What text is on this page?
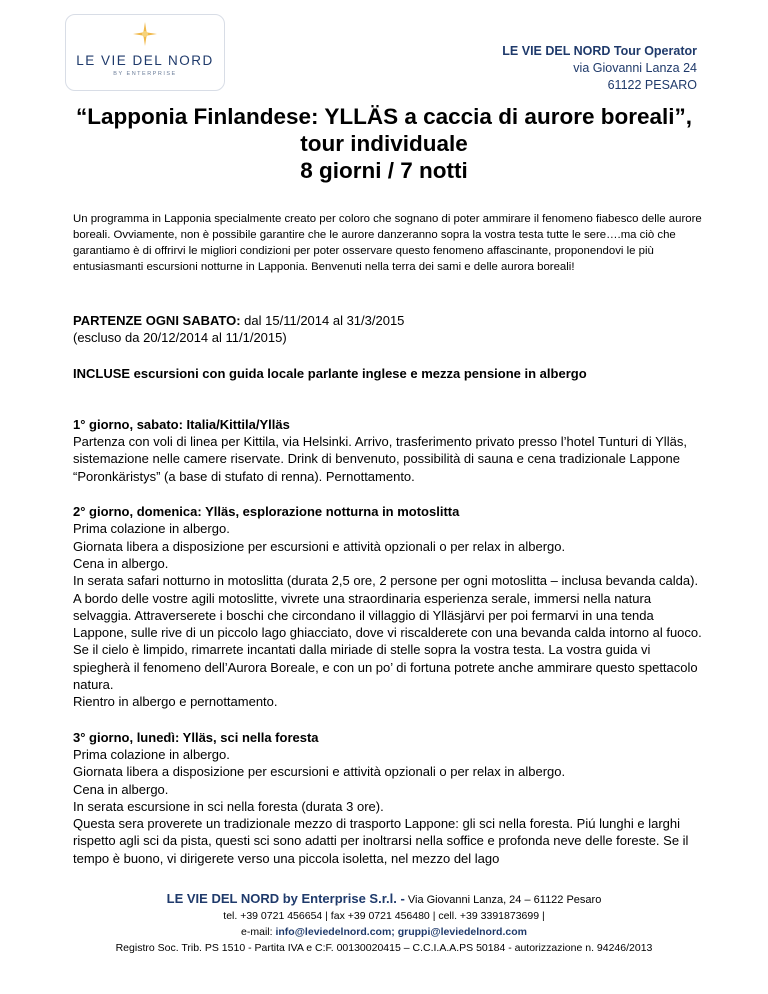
LE VIE DEL NORD
BY ENTERPRISE
LE VIE DEL NORD Tour Operator
via Giovanni Lanza 24
61122 PESARO
“Lapponia Finlandese: YLLÄS a caccia di aurore boreali”,
tour individuale
8 giorni / 7 notti

Un programma in Lapponia specialmente creato per coloro che sognano di poter ammirare il fenomeno fiabesco delle aurore boreali. Ovviamente, non è possibile garantire che le aurore danzeranno sopra la vostra testa tutte le sere….ma ciò che garantiamo è di offrirvi le migliori condizioni per poter osservare questo fenomeno affascinante, proponendovi le più entusiasmanti escursioni notturne in Lapponia. Benvenuti nella terra dei sami e delle aurora boreali!

PARTENZE OGNI SABATO: dal 15/11/2014 al 31/3/2015

(escluso da 20/12/2014 al 11/1/2015)

INCLUSE escursioni con guida locale parlante inglese e mezza pensione in albergo

1° giorno, sabato: Italia/Kittila/Ylläs

Partenza con voli di linea per Kittila, via Helsinki. Arrivo, trasferimento privato presso l’hotel Tunturi di Ylläs, sistemazione nelle camere riservate. Drink di benvenuto, possibilità di sauna e cena tradizionale Lappone “Poronkäristys” (a base di stufato di renna). Pernottamento.

2° giorno, domenica: Ylläs, esplorazione notturna in motoslitta

Prima colazione in albergo.

Giornata libera a disposizione per escursioni e attività opzionali o per relax in albergo.

Cena in albergo.

In serata safari notturno in motoslitta (durata 2,5 ore, 2 persone per ogni motoslitta – inclusa bevanda calda). A bordo delle vostre agili motoslitte, vivrete una straordinaria esperienza serale, immersi nella natura selvaggia. Attraverserete i boschi che circondano il villaggio di Ylläsjärvi per poi fermarvi in una tenda Lappone, sulle rive di un piccolo lago ghiacciato, dove vi riscalderete con una bevanda calda intorno al fuoco. Se il cielo è limpido, rimarrete incantati dalla miriade di stelle sopra la vostra testa. La vostra guida vi spiegherà il fenomeno dell’Aurora Boreale, e con un po’ di fortuna potrete anche ammirare questo spettacolo natura.

Rientro in albergo e pernottamento.

3° giorno, lunedì: Ylläs, sci nella foresta

Prima colazione in albergo.

Giornata libera a disposizione per escursioni e attività opzionali o per relax in albergo.

Cena in albergo.

In serata escursione in sci nella foresta (durata 3 ore).

Questa sera proverete un tradizionale mezzo di trasporto Lappone: gli sci nella foresta. Piú lunghi e larghi rispetto agli sci da pista, questi sci sono adatti per inoltrarsi nella soffice e profonda neve delle foreste. Se il tempo è buono, vi dirigerete verso una piccola isoletta, nel mezzo del lago

LE VIE DEL NORD by Enterprise S.r.l. - Via Giovanni Lanza, 24 – 61122 Pesaro
tel. +39 0721 456654 | fax +39 0721 456480 | cell. +39 3391873699 |
e-mail: info@leviedelnord.com; gruppi@leviedelnord.com
Registro Soc. Trib. PS 1510 - Partita IVA e C:F. 00130020415 – C.C.I.A.A.PS 50184 - autorizzazione n. 94246/2013
